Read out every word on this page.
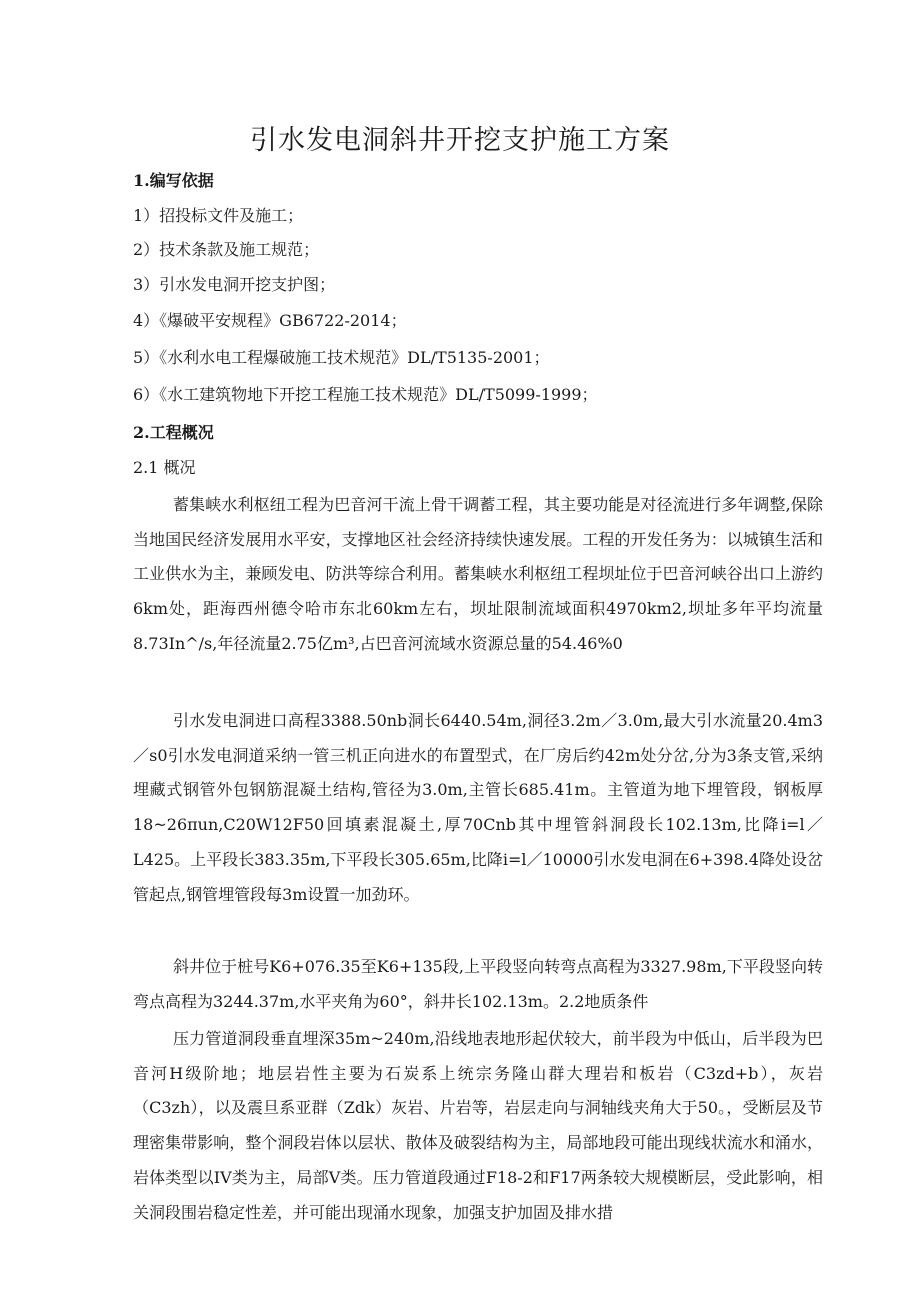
引水发电洞斜井开挖支护施工方案

1.编写依据

1）招投标文件及施工；

2）技术条款及施工规范；

3）引水发电洞开挖支护图；

4）《爆破平安规程》GB6722-2014；

5）《水利水电工程爆破施工技术规范》DL/T5135-2001；

6）《水工建筑物地下开挖工程施工技术规范》DL/T5099-1999；

2.工程概况

2.1 概况

蓄集峡水利枢纽工程为巴音河干流上骨干调蓄工程，其主要功能是对径流进行多年调整,保除当地国民经济发展用水平安，支撑地区社会经济持续快速发展。工程的开发任务为：以城镇生活和工业供水为主，兼顾发电、防洪等综合利用。蓄集峡水利枢纽工程坝址位于巴音河峡谷出口上游约6km处，距海西州德令哈市东北60km左右，坝址限制流域面积4970km2,坝址多年平均流量8.73In^/s,年径流量2.75亿m³,占巴音河流域水资源总量的54.46%0

引水发电洞进口高程3388.50nb洞长6440.54m,洞径3.2m／3.0m,最大引水流量20.4m3／s0引水发电洞道采纳一管三机正向进水的布置型式，在厂房后约42m处分岔,分为3条支管,采纳埋藏式钢管外包钢筋混凝土结构,管径为3.0m,主管长685.41m。主管道为地下埋管段，钢板厚18~26πun,C20W12F50回填素混凝土,厚70Cnb其中埋管斜洞段长102.13m,比降i=l／L425。上平段长383.35m,下平段长305.65m,比降i=l／10000引水发电洞在6+398.4降处设岔管起点,钢管埋管段每3m设置一加劲环。

斜井位于桩号K6+076.35至K6+135段,上平段竖向转弯点高程为3327.98m,下平段竖向转弯点高程为3244.37m,水平夹角为60°，斜井长102.13m。2.2地质条件

压力管道洞段垂直埋深35m~240m,沿线地表地形起伏较大，前半段为中低山，后半段为巴音河H级阶地；地层岩性主要为石炭系上统宗务隆山群大理岩和板岩（C3zd+b），灰岩（C3zh），以及震旦系亚群（Zdk）灰岩、片岩等，岩层走向与洞轴线夹角大于50。，受断层及节理密集带影响，整个洞段岩体以层状、散体及破裂结构为主，局部地段可能出现线状流水和涌水，岩体类型以IV类为主，局部V类。压力管道段通过F18-2和F17两条较大规模断层，受此影响，相关洞段围岩稳定性差，并可能出现涌水现象，加强支护加固及排水措
